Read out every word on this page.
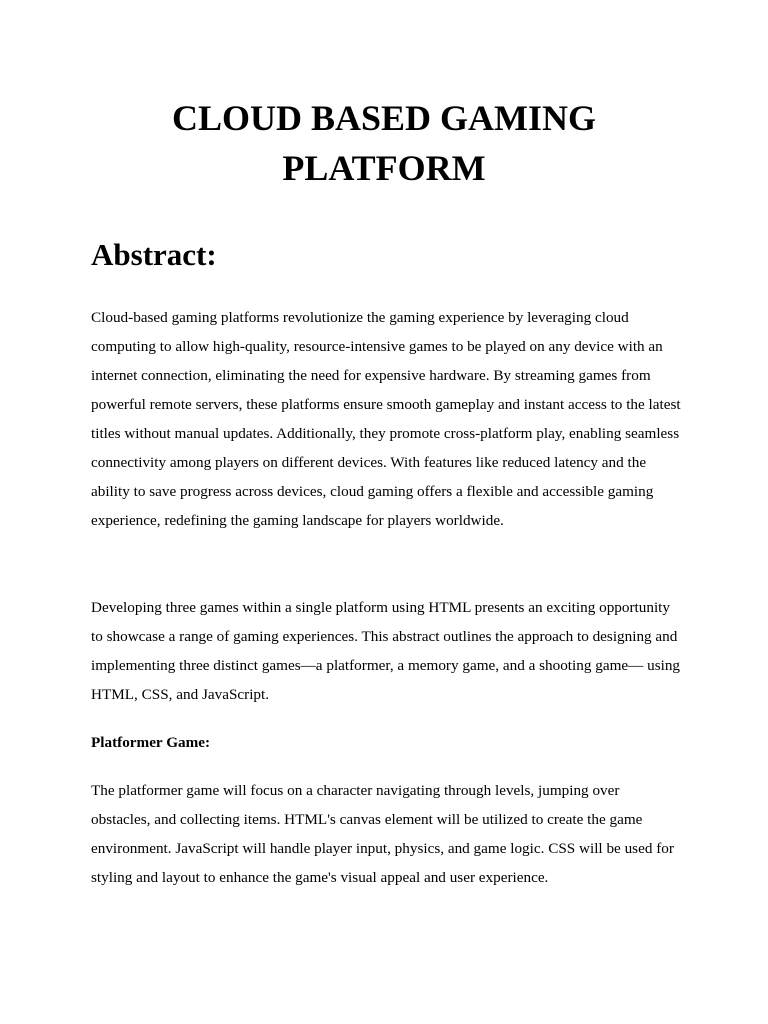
CLOUD BASED GAMING PLATFORM
Abstract:

Cloud-based gaming platforms revolutionize the gaming experience by leveraging cloud computing to allow high-quality, resource-intensive games to be played on any device with an internet connection, eliminating the need for expensive hardware. By streaming games from powerful remote servers, these platforms ensure smooth gameplay and instant access to the latest titles without manual updates. Additionally, they promote cross-platform play, enabling seamless connectivity among players on different devices. With features like reduced latency and the ability to save progress across devices, cloud gaming offers a flexible and accessible gaming experience, redefining the gaming landscape for players worldwide.

Developing three games within a single platform using HTML presents an exciting opportunity to showcase a range of gaming experiences. This abstract outlines the approach to designing and implementing three distinct games—a platformer, a memory game, and a shooting game— using HTML, CSS, and JavaScript.

Platformer Game:

The platformer game will focus on a character navigating through levels, jumping over obstacles, and collecting items. HTML's canvas element will be utilized to create the game environment. JavaScript will handle player input, physics, and game logic. CSS will be used for styling and layout to enhance the game's visual appeal and user experience.
